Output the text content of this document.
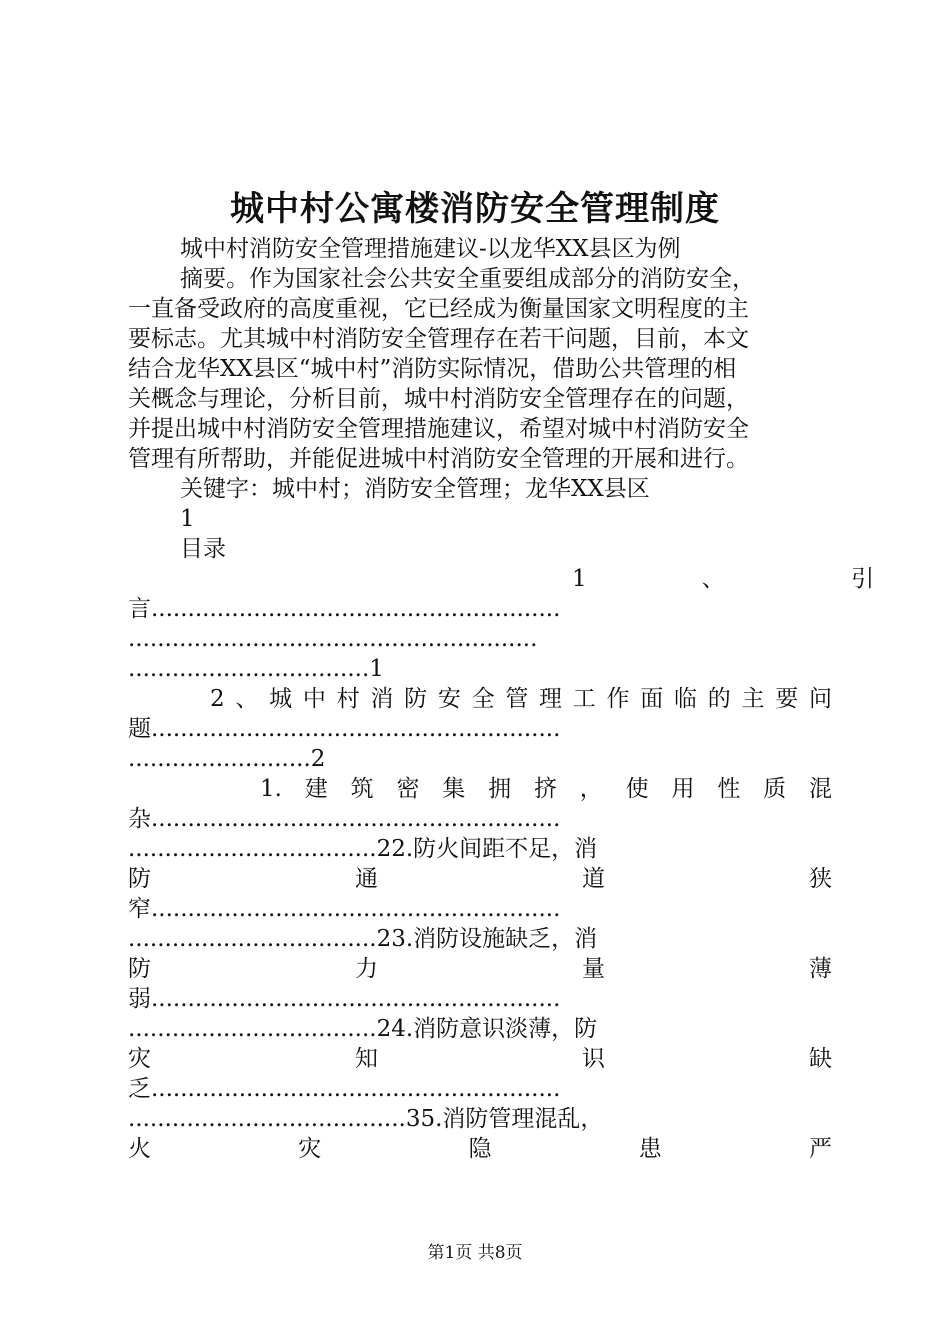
城中村公寓楼消防安全管理制度
城中村消防安全管理措施建议-以龙华XX县区为例
摘要。作为国家社会公共安全重要组成部分的消防安全，
一直备受政府的高度重视，它已经成为衡量国家文明程度的主
要标志。尤其城中村消防安全管理存在若干问题，目前，本文
结合龙华XX县区“城中村”消防实际情况，借助公共管理的相
关概念与理论，分析目前，城中村消防安全管理存在的问题，
并提出城中村消防安全管理措施建议，希望对城中村消防安全
管理有所帮助，并能促进城中村消防安全管理的开展和进行。
关键字：城中村；消防安全管理；龙华XX县区
1
目录
1　　　　　、　　　　　　引
言........................................................
........................................................
.................................1
2、城中村消防安全管理工作面临的主要问
题........................................................
.........................2
1.建筑密集拥挤，使用性质混
杂........................................................
..................................22.防火间距不足，消
防　　　　　通　　　　　道　　　　　狭
窄........................................................
..................................23.消防设施缺乏，消
防　　　　　力　　　　　量　　　　　薄
弱........................................................
..................................24.消防意识淡薄，防
灾　　　　　知　　　　　识　　　　　缺
乏........................................................
......................................35.消防管理混乱，
火　　　　　灾　　　　　隐　　　　　患　　　　　严
第1页 共8页
